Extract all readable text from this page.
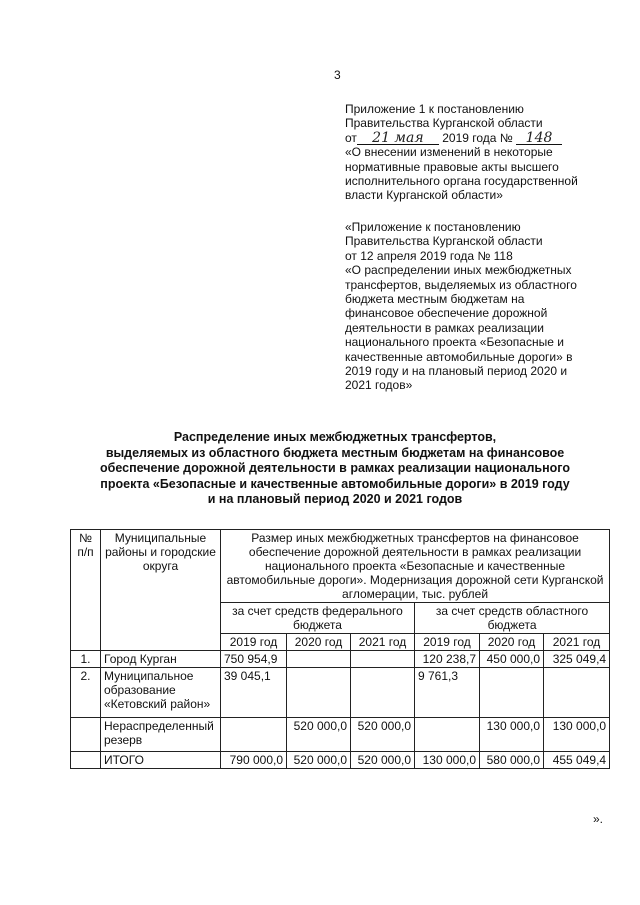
3
Приложение 1 к постановлению
Правительства Курганской области
от 21 мая 2019 года № 148
«О внесении изменений в некоторые
нормативные правовые акты высшего
исполнительного органа государственной
власти Курганской области»
«Приложение к постановлению
Правительства Курганской области
от 12 апреля 2019 года № 118
«О распределении иных межбюджетных
трансфертов, выделяемых из областного
бюджета местным бюджетам на
финансовое обеспечение дорожной
деятельности в рамках реализации
национального проекта «Безопасные и
качественные автомобильные дороги» в
2019 году и на плановый период 2020 и
2021 годов»
Распределение иных межбюджетных трансфертов,
выделяемых из областного бюджета местным бюджетам на финансовое
обеспечение дорожной деятельности в рамках реализации национального
проекта «Безопасные и качественные автомобильные дороги» в 2019 году
и на плановый период 2020 и 2021 годов
№ п/п	Муниципальные районы и городские округа	Размер иных межбюджетных трансфертов на финансовое обеспечение дорожной деятельности в рамках реализации национального проекта «Безопасные и качественные автомобильные дороги». Модернизация дорожной сети Курганской агломерации, тыс. рублей					
		за счет средств федерального бюджета			за счет средств областного бюджета		
		2019 год	2020 год	2021 год	2019 год	2020 год	2021 год
1.	Город Курган	750 954,9			120 238,7	450 000,0	325 049,4
2.	Муниципальное образование «Кетовский район»	39 045,1			9 761,3		
	Нераспределенный резерв		520 000,0	520 000,0		130 000,0	130 000,0
	ИТОГО	790 000,0	520 000,0	520 000,0	130 000,0	580 000,0	455 049,4
».
